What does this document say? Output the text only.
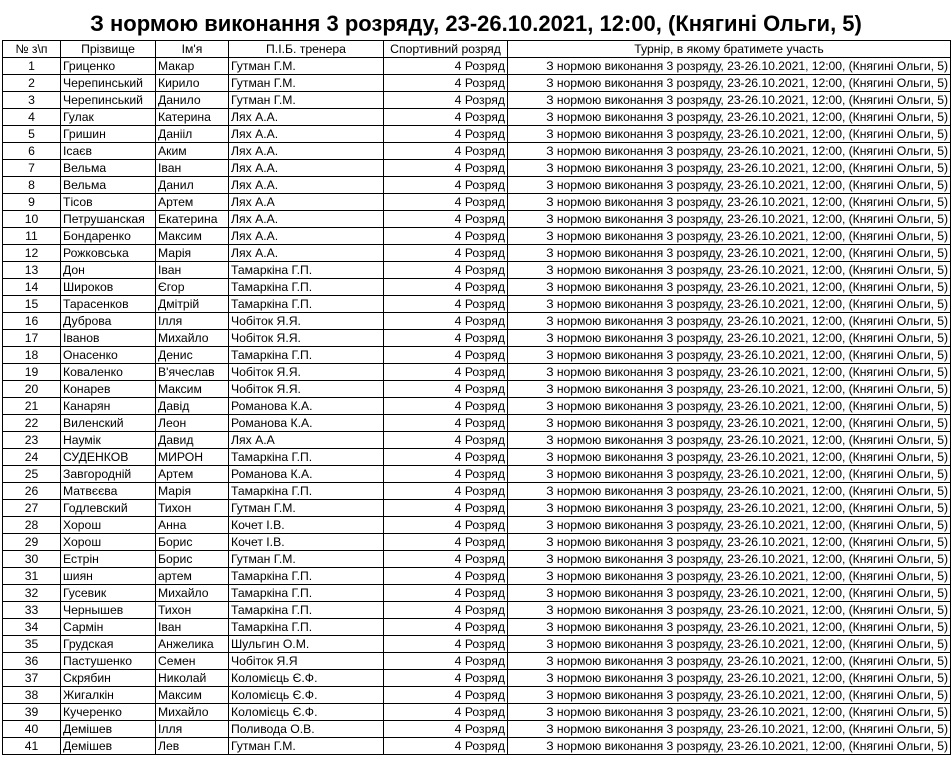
З нормою виконання 3 розряду, 23-26.10.2021, 12:00, (Княгині Ольги, 5)
№ з\п	Прізвище	Ім'я	П.І.Б. тренера	Спортивний розряд	Турнір, в якому братимете участь
1	Гриценко	Макар	Гутман Г.М.	4 Розряд	З нормою виконання 3 розряду, 23-26.10.2021, 12:00, (Княгині Ольги, 5)
2	Черепинський	Кирило	Гутман Г.М.	4 Розряд	З нормою виконання 3 розряду, 23-26.10.2021, 12:00, (Княгині Ольги, 5)
3	Черепинський	Данило	Гутман Г.М.	4 Розряд	З нормою виконання 3 розряду, 23-26.10.2021, 12:00, (Княгині Ольги, 5)
4	Гулак	Катерина	Лях А.А.	4 Розряд	З нормою виконання 3 розряду, 23-26.10.2021, 12:00, (Княгині Ольги, 5)
5	Гришин	Данііл	Лях А.А.	4 Розряд	З нормою виконання 3 розряду, 23-26.10.2021, 12:00, (Княгині Ольги, 5)
6	Ісаєв	Аким	Лях А.А.	4 Розряд	З нормою виконання 3 розряду, 23-26.10.2021, 12:00, (Княгині Ольги, 5)
7	Вельма	Іван	Лях А.А.	4 Розряд	З нормою виконання 3 розряду, 23-26.10.2021, 12:00, (Княгині Ольги, 5)
8	Вельма	Данил	Лях А.А.	4 Розряд	З нормою виконання 3 розряду, 23-26.10.2021, 12:00, (Княгині Ольги, 5)
9	Тісов	Артем	Лях А.А	4 Розряд	З нормою виконання 3 розряду, 23-26.10.2021, 12:00, (Княгині Ольги, 5)
10	Петрушанская	Екатерина	Лях А.А.	4 Розряд	З нормою виконання 3 розряду, 23-26.10.2021, 12:00, (Княгині Ольги, 5)
11	Бондаренко	Максим	Лях А.А.	4 Розряд	З нормою виконання 3 розряду, 23-26.10.2021, 12:00, (Княгині Ольги, 5)
12	Рожковська	Марія	Лях А.А.	4 Розряд	З нормою виконання 3 розряду, 23-26.10.2021, 12:00, (Княгині Ольги, 5)
13	Дон	Іван	Тамаркіна Г.П.	4 Розряд	З нормою виконання 3 розряду, 23-26.10.2021, 12:00, (Княгині Ольги, 5)
14	Широков	Єгор	Тамаркіна Г.П.	4 Розряд	З нормою виконання 3 розряду, 23-26.10.2021, 12:00, (Княгині Ольги, 5)
15	Тарасенков	Дмітрій	Тамаркіна Г.П.	4 Розряд	З нормою виконання 3 розряду, 23-26.10.2021, 12:00, (Княгині Ольги, 5)
16	Дуброва	Ілля	Чобіток Я.Я.	4 Розряд	З нормою виконання 3 розряду, 23-26.10.2021, 12:00, (Княгині Ольги, 5)
17	Іванов	Михайло	Чобіток Я.Я.	4 Розряд	З нормою виконання 3 розряду, 23-26.10.2021, 12:00, (Княгині Ольги, 5)
18	Онасенко	Денис	Тамаркіна Г.П.	4 Розряд	З нормою виконання 3 розряду, 23-26.10.2021, 12:00, (Княгині Ольги, 5)
19	Коваленко	В'ячеслав	Чобіток Я.Я.	4 Розряд	З нормою виконання 3 розряду, 23-26.10.2021, 12:00, (Княгині Ольги, 5)
20	Конарев	Максим	Чобіток Я.Я.	4 Розряд	З нормою виконання 3 розряду, 23-26.10.2021, 12:00, (Княгині Ольги, 5)
21	Канарян	Давід	Романова К.А.	4 Розряд	З нормою виконання 3 розряду, 23-26.10.2021, 12:00, (Княгині Ольги, 5)
22	Виленский	Леон	Романова К.А.	4 Розряд	З нормою виконання 3 розряду, 23-26.10.2021, 12:00, (Княгині Ольги, 5)
23	Наумік	Давид	Лях А.А	4 Розряд	З нормою виконання 3 розряду, 23-26.10.2021, 12:00, (Княгині Ольги, 5)
24	СУДЕНКОВ	МИРОН	Тамаркіна Г.П.	4 Розряд	З нормою виконання 3 розряду, 23-26.10.2021, 12:00, (Княгині Ольги, 5)
25	Завгородній	Артем	Романова К.А.	4 Розряд	З нормою виконання 3 розряду, 23-26.10.2021, 12:00, (Княгині Ольги, 5)
26	Матвєєва	Марія	Тамаркіна Г.П.	4 Розряд	З нормою виконання 3 розряду, 23-26.10.2021, 12:00, (Княгині Ольги, 5)
27	Годлевский	Тихон	Гутман Г.М.	4 Розряд	З нормою виконання 3 розряду, 23-26.10.2021, 12:00, (Княгині Ольги, 5)
28	Хорош	Анна	Кочет І.В.	4 Розряд	З нормою виконання 3 розряду, 23-26.10.2021, 12:00, (Княгині Ольги, 5)
29	Хорош	Борис	Кочет І.В.	4 Розряд	З нормою виконання 3 розряду, 23-26.10.2021, 12:00, (Княгині Ольги, 5)
30	Естрін	Борис	Гутман Г.М.	4 Розряд	З нормою виконання 3 розряду, 23-26.10.2021, 12:00, (Княгині Ольги, 5)
31	шиян	артем	Тамаркіна Г.П.	4 Розряд	З нормою виконання 3 розряду, 23-26.10.2021, 12:00, (Княгині Ольги, 5)
32	Гусевик	Михайло	Тамаркіна Г.П.	4 Розряд	З нормою виконання 3 розряду, 23-26.10.2021, 12:00, (Княгині Ольги, 5)
33	Чернышев	Тихон	Тамаркіна Г.П.	4 Розряд	З нормою виконання 3 розряду, 23-26.10.2021, 12:00, (Княгині Ольги, 5)
34	Сармін	Іван	Тамаркіна Г.П.	4 Розряд	З нормою виконання 3 розряду, 23-26.10.2021, 12:00, (Княгині Ольги, 5)
35	Грудская	Анжелика	Шульгин О.М.	4 Розряд	З нормою виконання 3 розряду, 23-26.10.2021, 12:00, (Княгині Ольги, 5)
36	Пастушенко	Семен	Чобіток Я.Я	4 Розряд	З нормою виконання 3 розряду, 23-26.10.2021, 12:00, (Княгині Ольги, 5)
37	Скрябин	Николай	Коломієць Є.Ф.	4 Розряд	З нормою виконання 3 розряду, 23-26.10.2021, 12:00, (Княгині Ольги, 5)
38	Жигалкін	Максим	Коломієць Є.Ф.	4 Розряд	З нормою виконання 3 розряду, 23-26.10.2021, 12:00, (Княгині Ольги, 5)
39	Кучеренко	Михайло	Коломієць Є.Ф.	4 Розряд	З нормою виконання 3 розряду, 23-26.10.2021, 12:00, (Княгині Ольги, 5)
40	Демішев	Ілля	Поливода О.В.	4 Розряд	З нормою виконання 3 розряду, 23-26.10.2021, 12:00, (Княгині Ольги, 5)
41	Демішев	Лев	Гутман Г.М.	4 Розряд	З нормою виконання 3 розряду, 23-26.10.2021, 12:00, (Княгині Ольги, 5)
